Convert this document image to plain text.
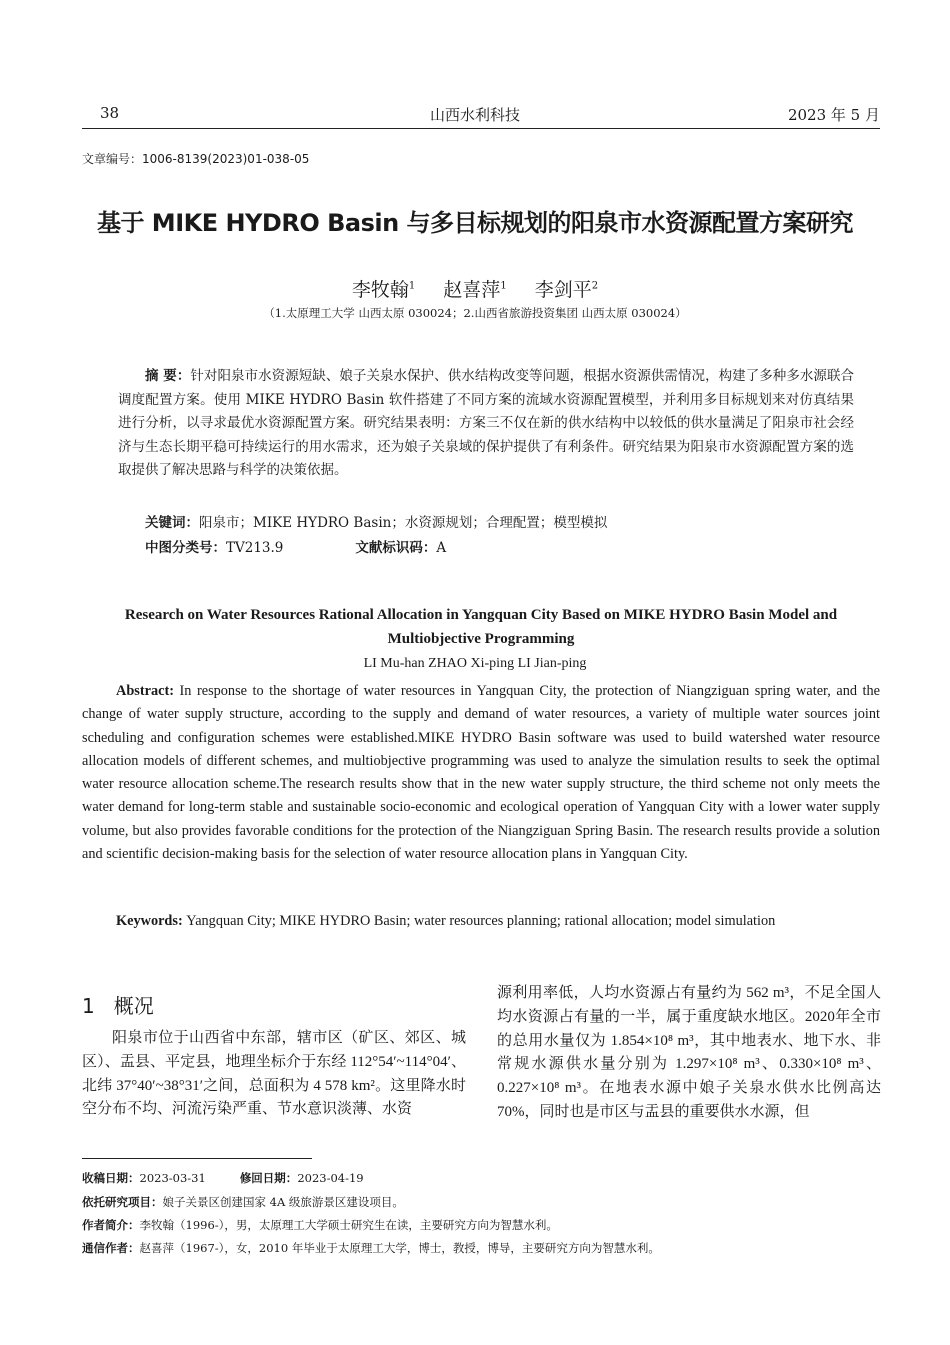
38	山西水利科技	2023 年 5 月
文章编号：1006-8139(2023)01-038-05
基于 MIKE HYDRO Basin 与多目标规划的阳泉市水资源配置方案研究
李牧翰$^1$ 赵喜萍$^1$ 李剑平$^2$
（1.太原理工大学 山西太原 030024；2.山西省旅游投资集团 山西太原 030024）
摘 要：针对阳泉市水资源短缺、娘子关泉水保护、供水结构改变等问题，根据水资源供需情况，构建了多种多水源联合调度配置方案。使用 MIKE HYDRO Basin 软件搭建了不同方案的流域水资源配置模型，并利用多目标规划来对仿真结果进行分析，以寻求最优水资源配置方案。研究结果表明：方案三不仅在新的供水结构中以较低的供水量满足了阳泉市社会经济与生态长期平稳可持续运行的用水需求，还为娘子关泉域的保护提供了有利条件。研究结果为阳泉市水资源配置方案的选取提供了解决思路与科学的决策依据。
关键词：阳泉市；MIKE HYDRO Basin；水资源规划；合理配置；模型模拟
中图分类号：TV213.9	文献标识码：A
Research on Water Resources Rational Allocation in Yangquan City Based on MIKE HYDRO Basin Model and Multiobjective Programming
LI Mu-han ZHAO Xi-ping LI Jian-ping
Abstract: In response to the shortage of water resources in Yangquan City, the protection of Niangziguan spring water, and the change of water supply structure, according to the supply and demand of water resources, a variety of multiple water sources joint scheduling and configuration schemes were established.MIKE HYDRO Basin software was used to build watershed water resource allocation models of different schemes, and multiobjective programming was used to analyze the simulation results to seek the optimal water resource allocation scheme.The research results show that in the new water supply structure, the third scheme not only meets the water demand for long-term stable and sustainable socio-economic and ecological operation of Yangquan City with a lower water supply volume, but also provides favorable conditions for the protection of the Niangziguan Spring Basin. The research results provide a solution and scientific decision-making basis for the selection of water resource allocation plans in Yangquan City.
Keywords: Yangquan City; MIKE HYDRO Basin; water resources planning; rational allocation; model simulation
1   概况
阳泉市位于山西省中东部，辖市区（矿区、郊区、城区）、盂县、平定县，地理坐标介于东经 112°54′~114°04′、北纬 37°40′~38°31′之间，总面积为 4 578 km²。这里降水时空分布不均、河流污染严重、节水意识淡薄、水资
源利用率低，人均水资源占有量约为 562 m³，不足全国人均水资源占有量的一半，属于重度缺水地区。2020年全市的总用水量仅为 1.854×10⁸ m³，其中地表水、地下水、非常规水源供水量分别为 1.297×10⁸ m³、0.330×10⁸ m³、0.227×10⁸ m³。在地表水源中娘子关泉水供水比例高达 70%，同时也是市区与盂县的重要供水水源，但
收稿日期：2023-03-31	修回日期：2023-04-19
依托研究项目：娘子关景区创建国家 4A 级旅游景区建设项目。
作者简介：李牧翰（1996-），男，太原理工大学硕士研究生在读，主要研究方向为智慧水利。
通信作者：赵喜萍（1967-），女，2010 年毕业于太原理工大学，博士，教授，博导，主要研究方向为智慧水利。
